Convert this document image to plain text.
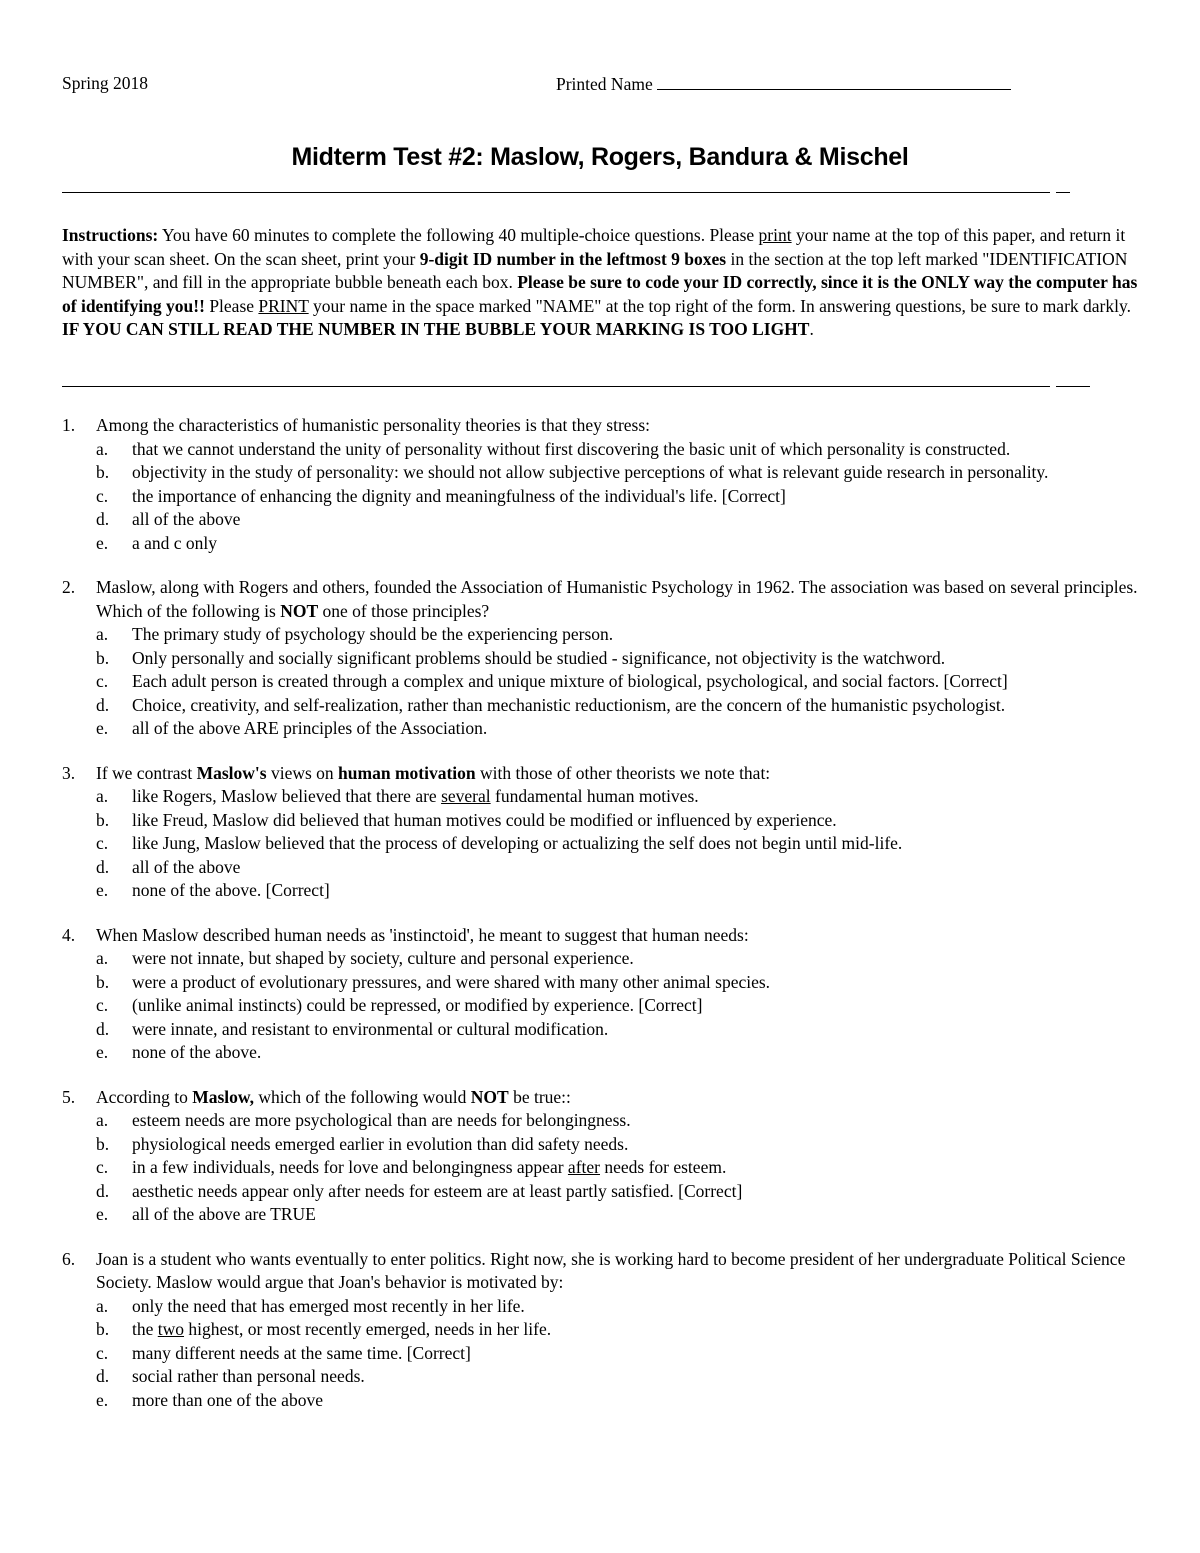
Spring 2018	Printed Name
Midterm Test #2: Maslow, Rogers, Bandura & Mischel
Instructions: You have 60 minutes to complete the following 40 multiple-choice questions. Please print your name at the top of this paper, and return it with your scan sheet. On the scan sheet, print your 9-digit ID number in the leftmost 9 boxes in the section at the top left marked "IDENTIFICATION NUMBER", and fill in the appropriate bubble beneath each box. Please be sure to code your ID correctly, since it is the ONLY way the computer has of identifying you!! Please PRINT your name in the space marked "NAME" at the top right of the form. In answering questions, be sure to mark darkly. IF YOU CAN STILL READ THE NUMBER IN THE BUBBLE YOUR MARKING IS TOO LIGHT.
1. Among the characteristics of humanistic personality theories is that they stress:
a. that we cannot understand the unity of personality without first discovering the basic unit of which personality is constructed.
b. objectivity in the study of personality: we should not allow subjective perceptions of what is relevant guide research in personality.
c. the importance of enhancing the dignity and meaningfulness of the individual's life. [Correct]
d. all of the above
e. a and c only
2. Maslow, along with Rogers and others, founded the Association of Humanistic Psychology in 1962. The association was based on several principles. Which of the following is NOT one of those principles?
a. The primary study of psychology should be the experiencing person.
b. Only personally and socially significant problems should be studied - significance, not objectivity is the watchword.
c. Each adult person is created through a complex and unique mixture of biological, psychological, and social factors. [Correct]
d. Choice, creativity, and self-realization, rather than mechanistic reductionism, are the concern of the humanistic psychologist.
e. all of the above ARE principles of the Association.
3. If we contrast Maslow's views on human motivation with those of other theorists we note that:
a. like Rogers, Maslow believed that there are several fundamental human motives.
b. like Freud, Maslow did believed that human motives could be modified or influenced by experience.
c. like Jung, Maslow believed that the process of developing or actualizing the self does not begin until mid-life.
d. all of the above
e. none of the above. [Correct]
4. When Maslow described human needs as 'instinctoid', he meant to suggest that human needs:
a. were not innate, but shaped by society, culture and personal experience.
b. were a product of evolutionary pressures, and were shared with many other animal species.
c. (unlike animal instincts) could be repressed, or modified by experience. [Correct]
d. were innate, and resistant to environmental or cultural modification.
e. none of the above.
5. According to Maslow, which of the following would NOT be true::
a. esteem needs are more psychological than are needs for belongingness.
b. physiological needs emerged earlier in evolution than did safety needs.
c. in a few individuals, needs for love and belongingness appear after needs for esteem.
d. aesthetic needs appear only after needs for esteem are at least partly satisfied. [Correct]
e. all of the above are TRUE
6. Joan is a student who wants eventually to enter politics. Right now, she is working hard to become president of her undergraduate Political Science Society. Maslow would argue that Joan's behavior is motivated by:
a. only the need that has emerged most recently in her life.
b. the two highest, or most recently emerged, needs in her life.
c. many different needs at the same time. [Correct]
d. social rather than personal needs.
e. more than one of the above
